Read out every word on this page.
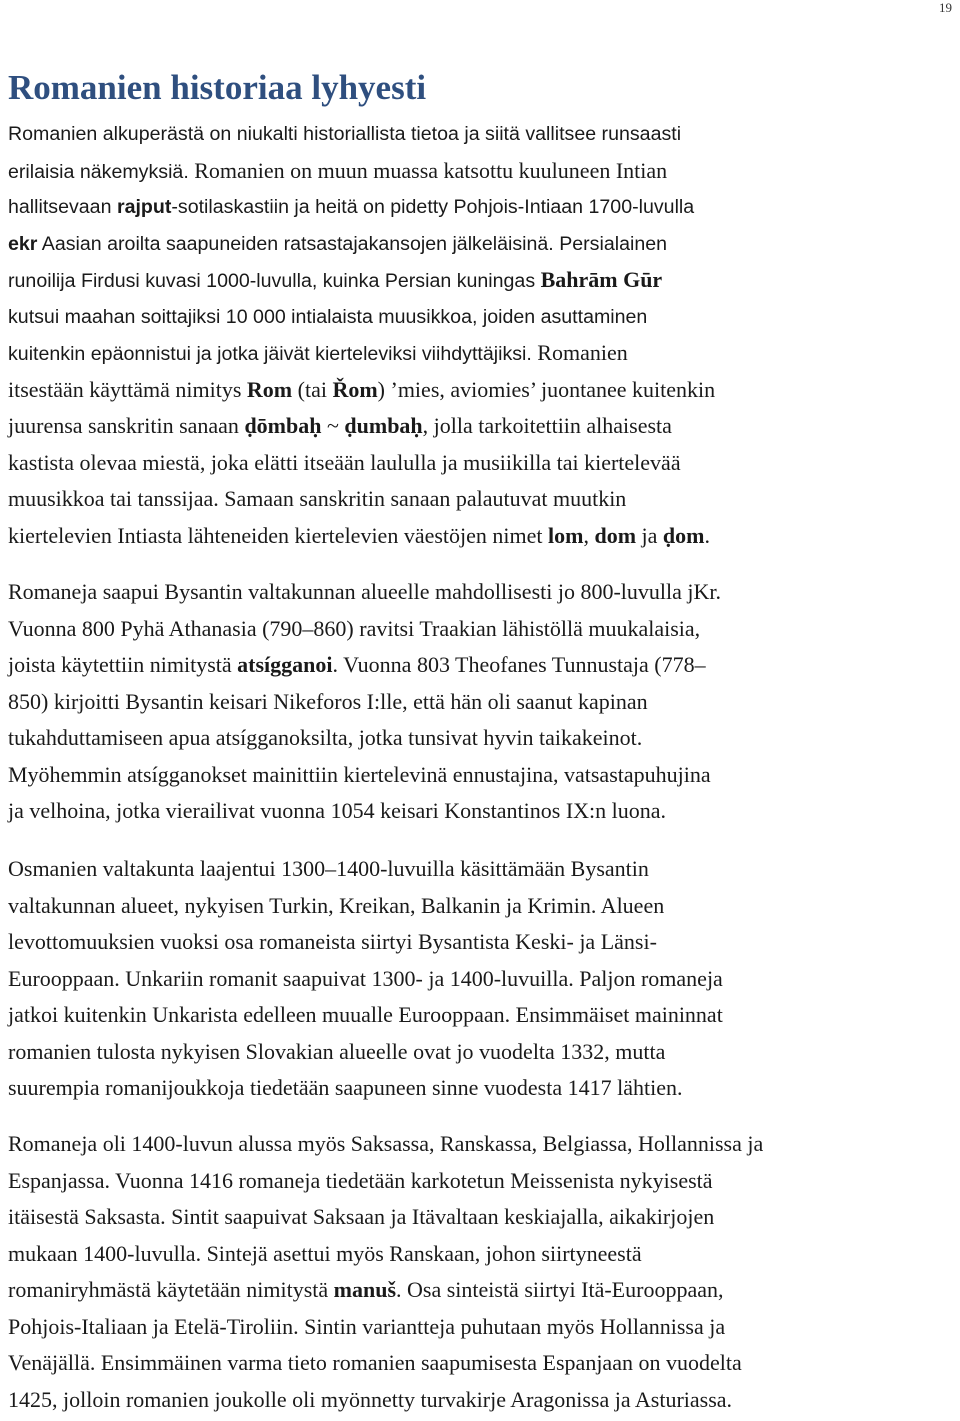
19
Romanien historiaa lyhyesti

Romanien alkuperästä on niukalti historiallista tietoa ja siitä vallitsee runsaasti
erilaisia näkemyksiä. Romanien on muun muassa katsottu kuuluneen Intian
hallitsevaan rajput-sotilaskastiin ja heitä on pidetty Pohjois-Intiaan 1700-luvulla
ekr Aasian aroilta saapuneiden ratsastajakansojen jälkeläisinä. Persialainen
runoilija Firdusi kuvasi 1000-luvulla, kuinka Persian kuningas Bahrām Gūr
kutsui maahan soittajiksi 10 000 intialaista muusikkoa, joiden asuttaminen
kuitenkin epäonnistui ja jotka jäivät kierteleviksi viihdyttäjiksi. Romanien
itsestään käyttämä nimitys Rom (tai Řom) ’mies, aviomies’ juontanee kuitenkin
juurensa sanskritin sanaan ḍōmbaḥ ~ ḍumbaḥ, jolla tarkoitettiin alhaisesta
kastista olevaa miestä, joka elätti itseään laululla ja musiikilla tai kiertelevää
muusikkoa tai tanssijaa. Samaan sanskritin sanaan palautuvat muutkin
kiertelevien Intiasta lähteneiden kiertelevien väestöjen nimet lom, dom ja ḍom.

Romaneja saapui Bysantin valtakunnan alueelle mahdollisesti jo 800-luvulla jKr.
Vuonna 800 Pyhä Athanasia (790–860) ravitsi Traakian lähistöllä muukalaisia,
joista käytettiin nimitystä atsígganoi. Vuonna 803 Theofanes Tunnustaja (778–
850) kirjoitti Bysantin keisari Nikeforos I:lle, että hän oli saanut kapinan
tukahduttamiseen apua atsígganoksilta, jotka tunsivat hyvin taikakeinot.
Myöhemmin atsígganokset mainittiin kiertelevinä ennustajina, vatsastapuhujina
ja velhoina, jotka vierailivat vuonna 1054 keisari Konstantinos IX:n luona.

Osmanien valtakunta laajentui 1300–1400-luvuilla käsittämään Bysantin
valtakunnan alueet, nykyisen Turkin, Kreikan, Balkanin ja Krimin. Alueen
levottomuuksien vuoksi osa romaneista siirtyi Bysantista Keski- ja Länsi-
Eurooppaan. Unkariin romanit saapuivat 1300- ja 1400-luvuilla. Paljon romaneja
jatkoi kuitenkin Unkarista edelleen muualle Eurooppaan. Ensimmäiset maininnat
romanien tulosta nykyisen Slovakian alueelle ovat jo vuodelta 1332, mutta
suurempia romanijoukkoja tiedetään saapuneen sinne vuodesta 1417 lähtien.

Romaneja oli 1400-luvun alussa myös Saksassa, Ranskassa, Belgiassa, Hollannissa ja
Espanjassa. Vuonna 1416 romaneja tiedetään karkotetun Meissenista nykyisestä
itäisestä Saksasta. Sintit saapuivat Saksaan ja Itävaltaan keskiajalla, aikakirjojen
mukaan 1400-luvulla. Sintejä asettui myös Ranskaan, johon siirtyneestä
romaniryhmästä käytetään nimitystä manuš. Osa sinteistä siirtyi Itä-Eurooppaan,
Pohjois-Italiaan ja Etelä-Tiroliin. Sintin variantteja puhutaan myös Hollannissa ja
Venäjällä. Ensimmäinen varma tieto romanien saapumisesta Espanjaan on vuodelta
1425, jolloin romanien joukolle oli myönnetty turvakirje Aragonissa ja Asturiassa.
